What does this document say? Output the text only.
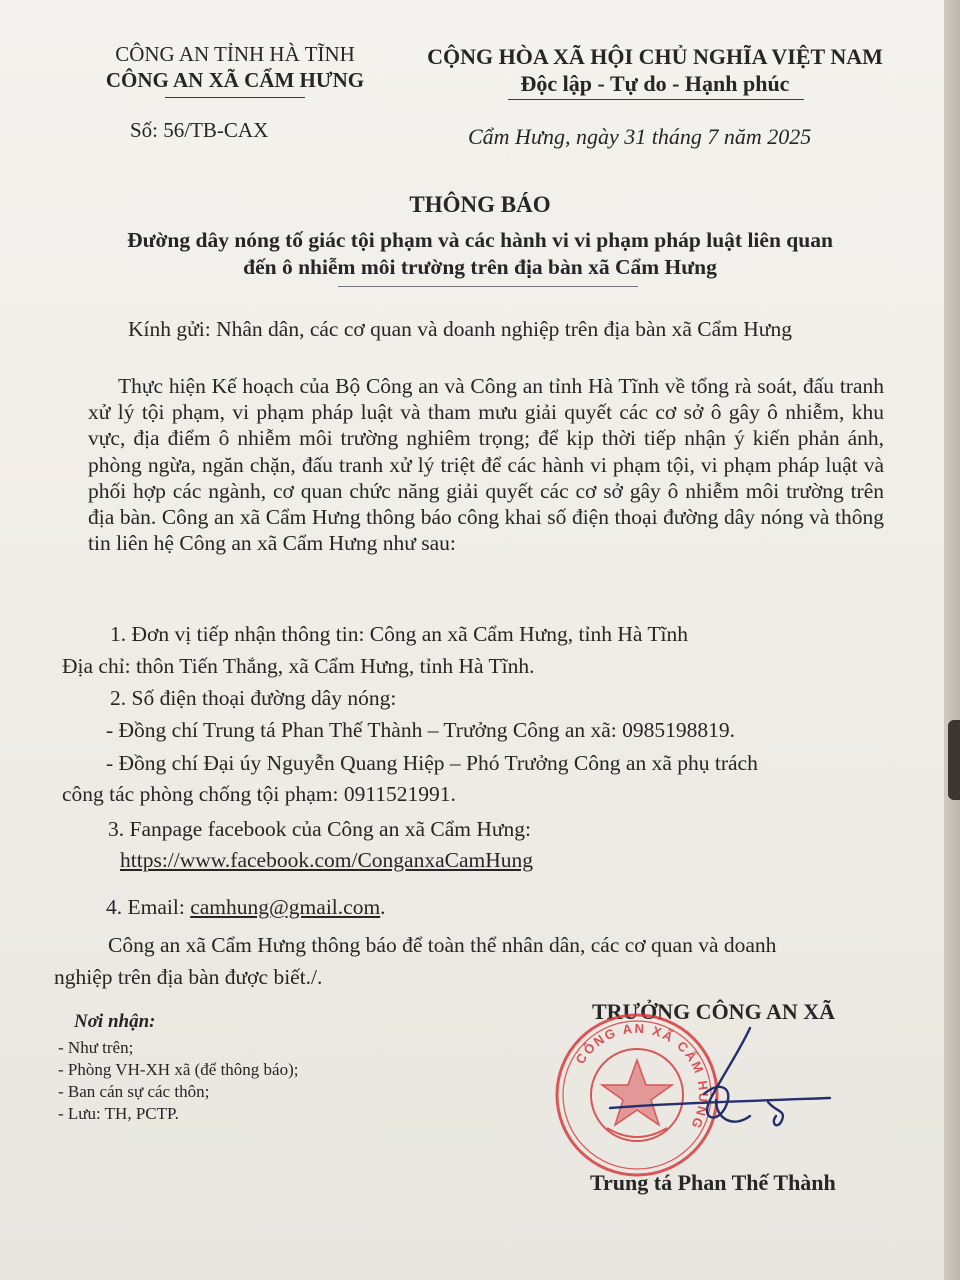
CÔNG AN TỈNH HÀ TĨNH
CÔNG AN XÃ CẨM HƯNG
CỘNG HÒA XÃ HỘI CHỦ NGHĨA VIỆT NAM
Độc lập - Tự do - Hạnh phúc
Số: 56/TB-CAX	Cẩm Hưng, ngày 31 tháng 7 năm 2025
THÔNG BÁO
Đường dây nóng tố giác tội phạm và các hành vi vi phạm pháp luật liên quan
đến ô nhiễm môi trường trên địa bàn xã Cẩm Hưng
Kính gửi: Nhân dân, các cơ quan và doanh nghiệp trên địa bàn xã Cẩm Hưng

Thực hiện Kế hoạch của Bộ Công an và Công an tỉnh Hà Tĩnh về tổng rà soát, đấu tranh xử lý tội phạm, vi phạm pháp luật và tham mưu giải quyết các cơ sở ô gây ô nhiễm, khu vực, địa điểm ô nhiễm môi trường nghiêm trọng; để kịp thời tiếp nhận ý kiến phản ánh, phòng ngừa, ngăn chặn, đấu tranh xử lý triệt để các hành vi phạm tội, vi phạm pháp luật và phối hợp các ngành, cơ quan chức năng giải quyết các cơ sở gây ô nhiễm môi trường trên địa bàn. Công an xã Cẩm Hưng thông báo công khai số điện thoại đường dây nóng và thông tin liên hệ Công an xã Cẩm Hưng như sau:

1. Đơn vị tiếp nhận thông tin: Công an xã Cẩm Hưng, tỉnh Hà Tĩnh
Địa chỉ: thôn Tiến Thắng, xã Cẩm Hưng, tỉnh Hà Tĩnh.
2. Số điện thoại đường dây nóng:
- Đồng chí Trung tá Phan Thế Thành – Trưởng Công an xã: 0985198819.
- Đồng chí Đại úy Nguyễn Quang Hiệp – Phó Trưởng Công an xã phụ trách
công tác phòng chống tội phạm: 0911521991.
3. Fanpage facebook của Công an xã Cẩm Hưng:
https://www.facebook.com/ConganxaCamHung
4. Email: camhung@gmail.com.
Công an xã Cẩm Hưng thông báo để toàn thể nhân dân, các cơ quan và doanh
nghiệp trên địa bàn được biết./.
Nơi nhận:
- Như trên;
- Phòng VH-XH xã (để thông báo);
- Ban cán sự các thôn;
- Lưu: TH, PCTP.
TRƯỞNG CÔNG AN XÃ
CÔNG AN XÃ CẨM HƯNG
Trung tá Phan Thế Thành
